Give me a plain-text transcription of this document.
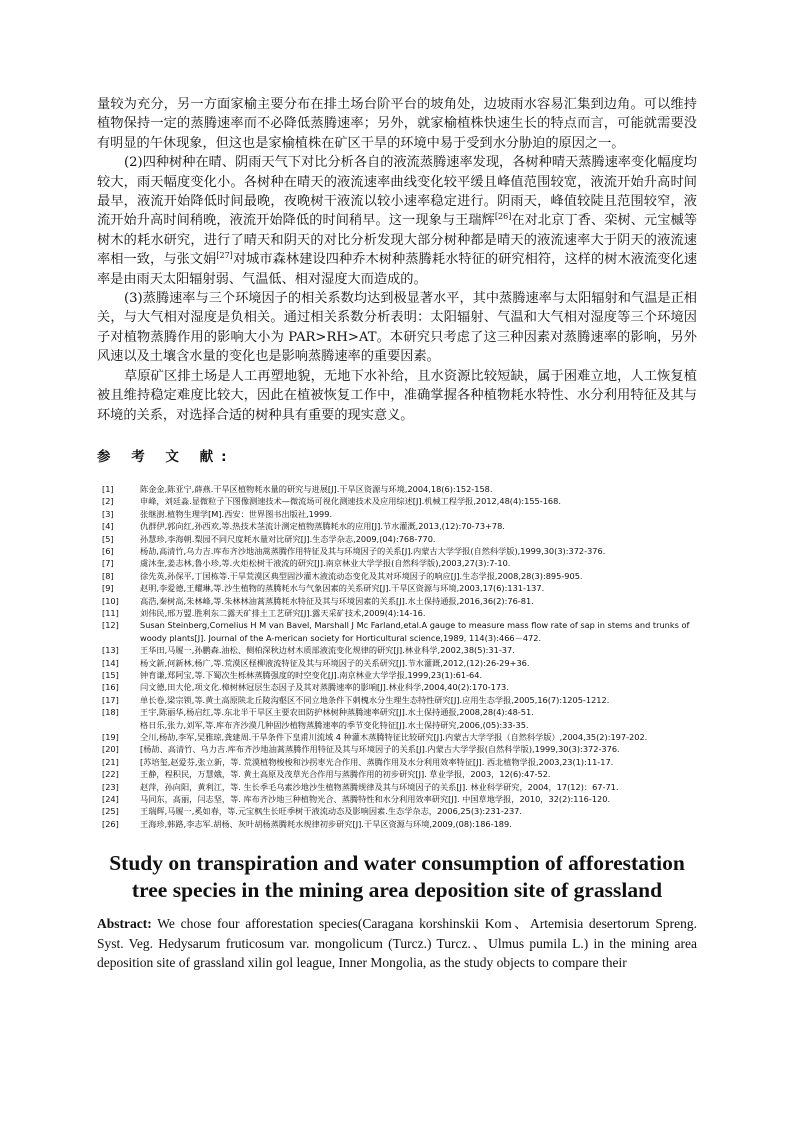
量较为充分，另一方面家榆主要分布在排土场台阶平台的坡角处，边坡雨水容易汇集到边角。可以维持植物保持一定的蒸腾速率而不必降低蒸腾速率；另外，就家榆植株快速生长的特点而言，可能就需要没有明显的午休现象，但这也是家榆植株在矿区干旱的环境中易于受到水分胁迫的原因之一。

(2)四种树种在晴、阴雨天气下对比分析各自的液流蒸腾速率发现，各树种晴天蒸腾速率变化幅度均较大，雨天幅度变化小。各树种在晴天的液流速率曲线变化较平缓且峰值范围较宽，液流开始升高时间最早，液流开始降低时间最晚，夜晚树干液流以较小速率稳定进行。阴雨天，峰值较陡且范围较窄，液流开始升高时间稍晚，液流开始降低的时间稍早。这一现象与王瑞辉[26]在对北京丁香、栾树、元宝槭等树木的耗水研究，进行了晴天和阴天的对比分析发现大部分树种都是晴天的液流速率大于阴天的液流速率相一致，与张文娟[27]对城市森林建设四种乔木树种蒸腾耗水特征的研究相符，这样的树木液流变化速率是由雨天太阳辐射弱、气温低、相对湿度大而造成的。

(3)蒸腾速率与三个环境因子的相关系数均达到极显著水平，其中蒸腾速率与太阳辐射和气温是正相关，与大气相对湿度是负相关。通过相关系数分析表明：太阳辐射、气温和大气相对湿度等三个环境因子对植物蒸腾作用的影响大小为 PAR>RH>AT。本研究只考虑了这三种因素对蒸腾速率的影响，另外风速以及土壤含水量的变化也是影响蒸腾速率的重要因素。

草原矿区排土场是人工再塑地貌，无地下水补给，且水资源比较短缺，属于困难立地，人工恢复植被且维持稳定难度比较大，因此在植被恢复工作中，准确掌握各种植物耗水特性、水分利用特征及其与环境的关系，对选择合适的树种具有重要的现实意义。

参 考 文 献:
[1]	陈金金,陈亚宁,薛燕.干旱区植物耗水量的研究与进展[J].干旱区资源与环境,2004,18(6):152-158.
[2]	申峰，刘廷淼.显微粒子下图像测速技术—微流场可视化测速技术及应用综述[J].机械工程学报,2012,48(4):155-168.
[3]	张继澍.植物生理学[M].西安：世界图书出版社,1999.
[4]	仇群伊,郭向红,孙西欢,等.热技术茎流计测定植物蒸腾耗水的应用[J].节水灌溉,2013,(12):70-73+78.
[5]	孙慧珍,李海朝.梨园不同尺度耗水量对比研究[J].生态学杂志,2009,(04):768-770.
[6]	杨劼,高清竹,乌力吉.库布齐沙地油蒿蒸腾作用特征及其与环境因子的关系[J].内蒙古大学学报(自然科学版),1999,30(3):372-376.
[7]	虞沐奎,姜志林,鲁小珍,等.火炬松树干液流的研究[J].南京林业大学学报(自然科学版),2003,27(3):7-10.
[8]	徐先英,孙保平,丁国栋等.干旱荒漠区典型固沙灌木液流动态变化及其对环境因子的响应[J].生态学报,2008,28(3):895-905.
[9]	赵明,李爱德,王耀琳,等.沙生植物的蒸腾耗水与气象因素的关系研究[J].干旱区资源与环境,2003,17(6):131-137.
[10]	高浩,秦树高,朱林峰,等.朱林林油蒿蒸腾耗水特征及其与环境因素的关系[J].水土保持通报,2016,36(2):76-81.
[11]	刘伟民,邢万盟.胜利东二露天矿排土工艺研究[J].露天采矿技术,2009(4):14-16.
[12]	Susan Steinberg,Cornelius H M van Bavel, Marshall J Mc Farland,etal.A gauge to measure mass flow rate of sap in stems and trunks of woody plants[J]. Journal of the A-merican society for Horticultural science,1989, 114(3):466－472.
[13]	王华田,马履一,孙鹏森.油松、侧柏深秋边材木质部液流变化规律的研究[J].林业科学,2002,38(5):31-37.
[14]	杨文新,何新林,杨广,等.荒漠区柽柳液流特征及其与环境因子的关系研究[J].节水灌溉,2012,(12):26-29+36.
[15]	钟育谦,郑阿宝,等.下蜀次生栎林蒸腾强度的时空变化[J].南京林业大学学报,1999,23(1):61-64.
[16]	闫文德,田大伦,项文化.樟树林冠层生态因子及其对蒸腾速率的影响[J].林业科学,2004,40(2):170-173.
[17]	单长卷,梁宗锁,等.黄土高原陕北丘陵沟壑区不同立地条件下刺槐水分生理生态特性研究[J].应用生态学报,2005,16(7):1205-1212.
[18]	王宇,陈丽华,杨启红,等.东北半干旱区主要农田防护林树种蒸腾速率研究[J].水土保持通报,2008,28(4):48-51.
格日乐,张力,刘军,等.库布齐沙漠几种固沙植物蒸腾速率的季节变化特征[J].水土保持研究,2006,(05):33-35.
[19]	仝川,杨劼,李军,吴雅琼,龚建周.干旱条件下皇甫川流域 4 种灌木蒸腾特征比较研究[J].内蒙古大学学报（自然科学版）,2004,35(2):197-202.
[20]	[杨劼、高清竹、乌力吉.库布齐沙地油蒿蒸腾作用特征及其与环境因子的关系[J].内蒙古大学学报(自然科学版),1999,30(3):372-376.
[21]	[苏培玺,赵爱芬,张立新，等. 荒漠植物梭梭和沙拐枣光合作用、蒸腾作用及水分利用效率特征[J]. 西北植物学报,2003,23(1):11-17.
[22]	王静，程积民，万慧娥，等. 黄土高原及茂草光合作用与蒸腾作用的初步研究[J]. 草业学报，2003，12(6):47-52.
[23]	赵萍，孙向阳，黄利江，等. 生长季毛乌素沙地沙生植物蒸腾规律及其与环境因子的关系[J]. 林业科学研究，2004，17(12)：67-71.
[24]	马同东，高丽，闫志坚，等. 库布齐沙地三种植物光合、蒸腾特性和水分利用效率研究[J]. 中国草地学报，2010，32(2):116-120.
[25]	王瑞辉,马履一,奚如春，等.元宝枫生长旺季树干液流动态及影响因素.生态学杂志，2006,25(3):231-237.
[26]	王海珍,韩路,李志军.胡杨、灰叶胡杨蒸腾耗水规律初步研究[J].干旱区资源与环境,2009,(08):186-189.
Study on transpiration and water consumption of afforestation tree species in the mining area deposition site of grassland

Abstract: We chose four afforestation species(Caragana korshinskii Kom、Artemisia desertorum Spreng. Syst. Veg. Hedysarum fruticosum var. mongolicum (Turcz.) Turcz.、Ulmus pumila L.) in the mining area deposition site of grassland xilin gol league, Inner Mongolia, as the study objects to compare their
